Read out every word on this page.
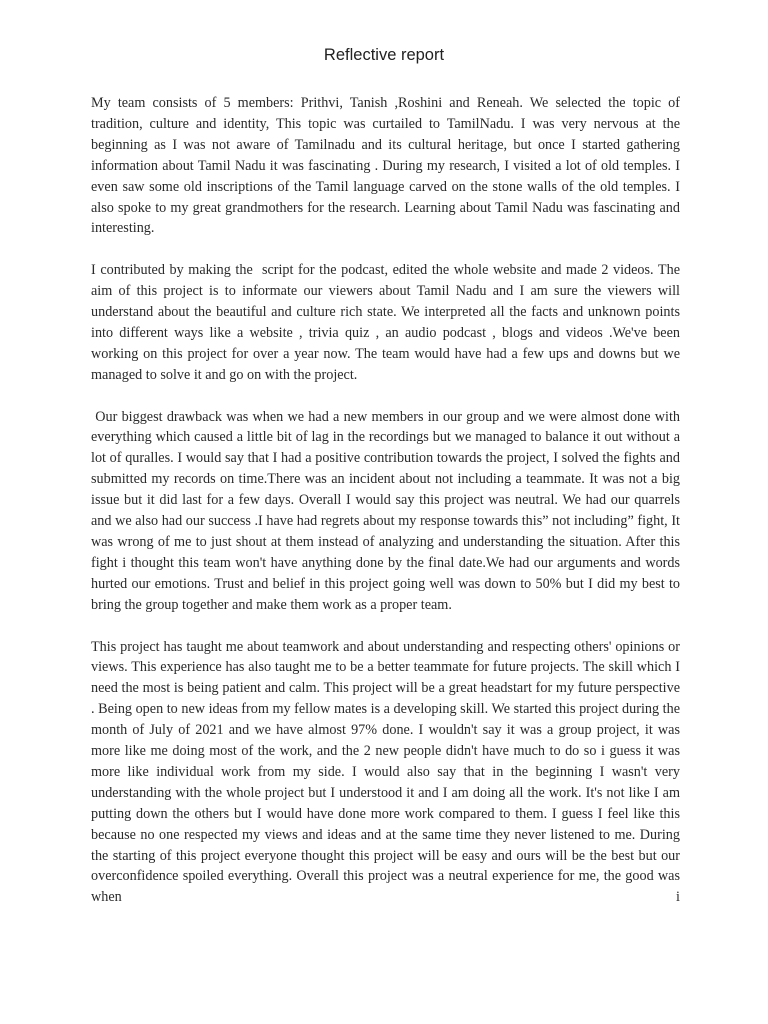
Reflective report

My team consists of 5 members: Prithvi, Tanish ,Roshini and Reneah. We selected the topic of tradition, culture and identity, This topic was curtailed to TamilNadu. I was very nervous at the beginning as I was not aware of Tamilnadu and its cultural heritage, but once I started gathering information about Tamil Nadu it was fascinating . During my research, I visited a lot of old temples. I even saw some old inscriptions of the Tamil language carved on the stone walls of the old temples. I also spoke to my great grandmothers for the research. Learning about Tamil Nadu was fascinating and interesting.

I contributed by making the  script for the podcast, edited the whole website and made 2 videos. The aim of this project is to informate our viewers about Tamil Nadu and I am sure the viewers will understand about the beautiful and culture rich state. We interpreted all the facts and unknown points into different ways like a website , trivia quiz , an audio podcast , blogs and videos .We've been working on this project for over a year now. The team would have had a few ups and downs but we managed to solve it and go on with the project.

Our biggest drawback was when we had a new members in our group and we were almost done with everything which caused a little bit of lag in the recordings but we managed to balance it out without a lot of quralles. I would say that I had a positive contribution towards the project, I solved the fights and submitted my records on time.There was an incident about not including a teammate. It was not a big issue but it did last for a few days. Overall I would say this project was neutral. We had our quarrels and we also had our success .I have had regrets about my response towards this” not including” fight, It was wrong of me to just shout at them instead of analyzing and understanding the situation. After this fight i thought this team won't have anything done by the final date.We had our arguments and words hurted our emotions. Trust and belief in this project going well was down to 50% but I did my best to bring the group together and make them work as a proper team.

This project has taught me about teamwork and about understanding and respecting others' opinions or views. This experience has also taught me to be a better teammate for future projects. The skill which I need the most is being patient and calm. This project will be a great headstart for my future perspective . Being open to new ideas from my fellow mates is a developing skill. We started this project during the month of July of 2021 and we have almost 97% done. I wouldn't say it was a group project, it was more like me doing most of the work, and the 2 new people didn't have much to do so i guess it was more like individual work from my side. I would also say that in the beginning I wasn't very understanding with the whole project but I understood it and I am doing all the work. It's not like I am putting down the others but I would have done more work compared to them. I guess I feel like this because no one respected my views and ideas and at the same time they never listened to me. During the starting of this project everyone thought this project will be easy and ours will be the best but our overconfidence spoiled everything. Overall this project was a neutral experience for me, the good was when i
